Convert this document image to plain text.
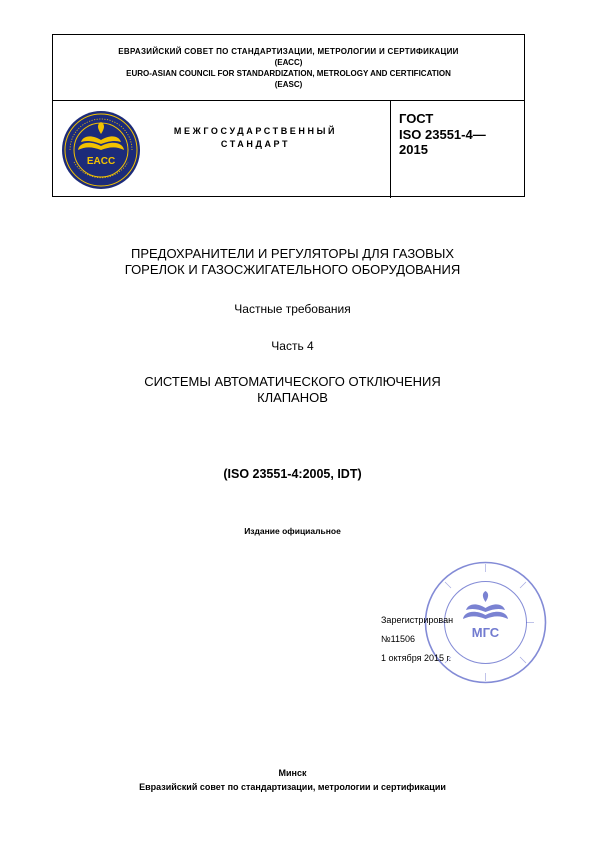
ЕВРАЗИЙСКИЙ СОВЕТ ПО СТАНДАРТИЗАЦИИ, МЕТРОЛОГИИ И СЕРТИФИКАЦИИ
(ЕАСС)
EURO-ASIAN COUNCIL FOR STANDARDIZATION, METROLOGY AND CERTIFICATION
(EASC)
EACC
МЕЖГОСУДАРСТВЕННЫЙ
СТАНДАРТ
ГОСТ
ISO 23551-4—
2015
ПРЕДОХРАНИТЕЛИ И РЕГУЛЯТОРЫ ДЛЯ ГАЗОВЫХ
ГОРЕЛОК И ГАЗОСЖИГАТЕЛЬНОГО ОБОРУДОВАНИЯ
Частные требования
Часть 4
СИСТЕМЫ АВТОМАТИЧЕСКОГО ОТКЛЮЧЕНИЯ
КЛАПАНОВ
(ISO 23551-4:2005, IDT)
Издание официальное
МГС
Зарегистрирован
№11506
1 октября 2015 г.
Минск
Евразийский совет по стандартизации, метрологии и сертификации
